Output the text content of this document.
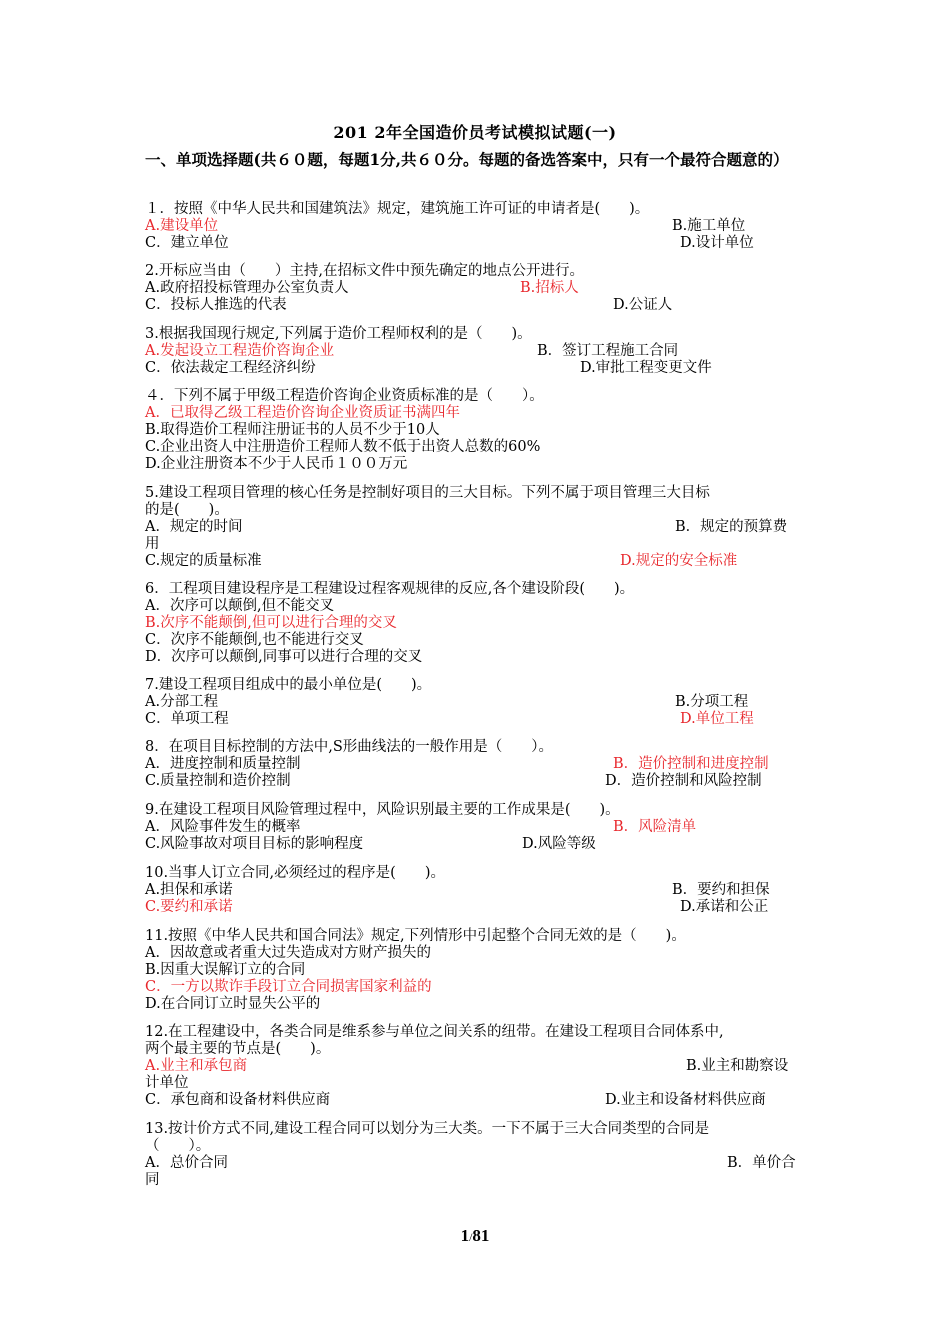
201 2年全国造价员考试模拟试题(一)
一、单项选择题(共６０题，每题1分,共６０分。每题的备选答案中，只有一个最符合题意的）
１．按照《中华人民共和国建筑法》规定，建筑施工许可证的申请者是(　　)。
A.建设单位	B.施工单位
C．建立单位	D.设计单位
2.开标应当由（　　）主持,在招标文件中预先确定的地点公开进行。
A.政府招投标管理办公室负责人	B.招标人
C．投标人推选的代表	D.公证人
3.根据我国现行规定,下列属于造价工程师权利的是（　　)。
A.发起设立工程造价咨询企业	B．签订工程施工合同
C．依法裁定工程经济纠纷	D.审批工程变更文件
４．下列不属于甲级工程造价咨询企业资质标准的是（　　）。
A．已取得乙级工程造价咨询企业资质证书满四年
B.取得造价工程师注册证书的人员不少于10人
C.企业出资人中注册造价工程师人数不低于出资人总数的60%
D.企业注册资本不少于人民币１００万元
5.建设工程项目管理的核心任务是控制好项目的三大目标。下列不属于项目管理三大目标
的是(　　)。
A．规定的时间	B．规定的预算费
用
C.规定的质量标准	D.规定的安全标准
6．工程项目建设程序是工程建设过程客观规律的反应,各个建设阶段(　　)。
A．次序可以颠倒,但不能交叉
B.次序不能颠倒,但可以进行合理的交叉
C．次序不能颠倒,也不能进行交叉
D．次序可以颠倒,同事可以进行合理的交叉
7.建设工程项目组成中的最小单位是(　　)。
A.分部工程	B.分项工程
C．单项工程	D.单位工程
8．在项目目标控制的方法中,S形曲线法的一般作用是（　　）。
A．进度控制和质量控制	B．造价控制和进度控制
C.质量控制和造价控制	D．造价控制和风险控制
9.在建设工程项目风险管理过程中，风险识别最主要的工作成果是(　　)。
A．风险事件发生的概率	B．风险清单
C.风险事故对项目目标的影响程度	D.风险等级
10.当事人订立合同,必须经过的程序是(　　)。
A.担保和承诺	B．要约和担保
C.要约和承诺	D.承诺和公正
11.按照《中华人民共和国合同法》规定,下列情形中引起整个合同无效的是（　　)。
A．因故意或者重大过失造成对方财产损失的
B.因重大误解订立的合同
C．一方以欺诈手段订立合同损害国家利益的
D.在合同订立时显失公平的
12.在工程建设中，各类合同是维系参与单位之间关系的纽带。在建设工程项目合同体系中,
两个最主要的节点是(　　)。
A.业主和承包商	B.业主和勘察设
计单位
C．承包商和设备材料供应商	D.业主和设备材料供应商
13.按计价方式不同,建设工程合同可以划分为三大类。一下不属于三大合同类型的合同是
（　　）。
A．总价合同	B．单价合
同
1/81
